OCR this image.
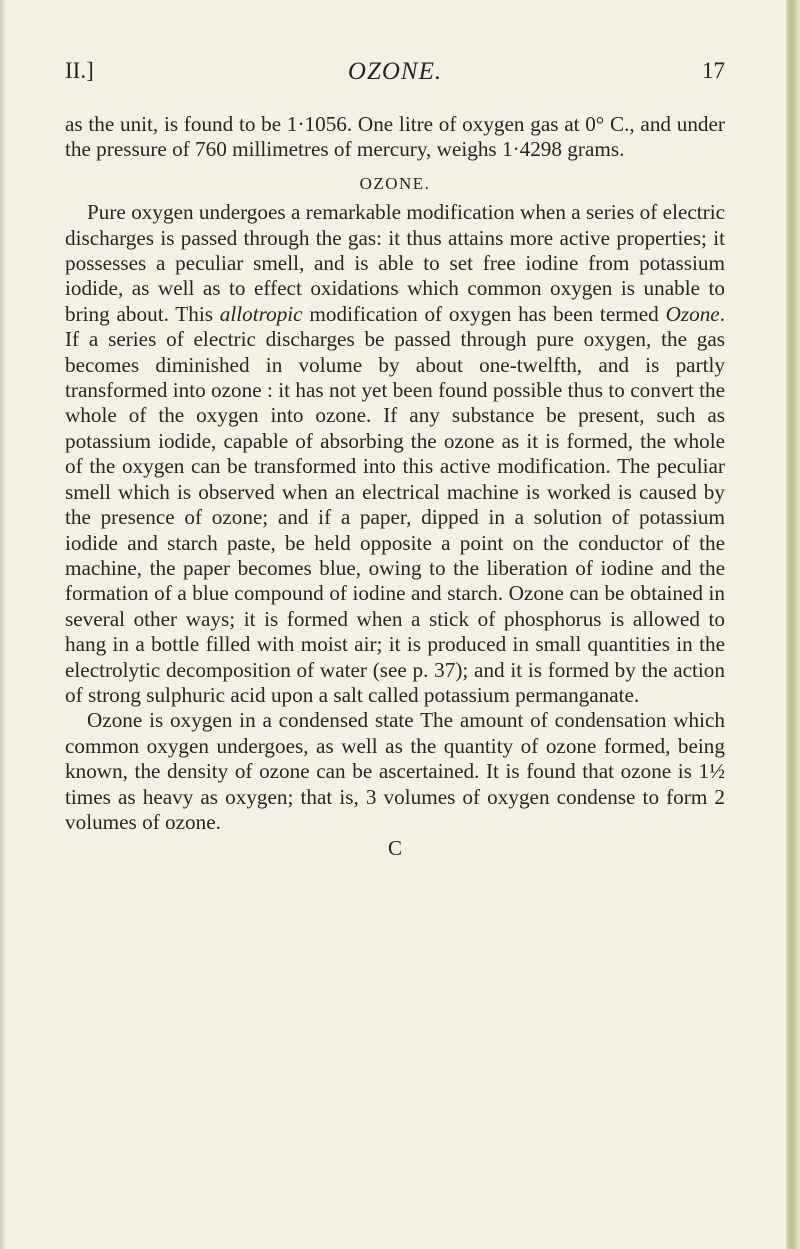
II.]	OZONE.	17

as the unit, is found to be 1·1056. One litre of oxygen gas at 0° C., and under the pressure of 760 millimetres of mercury, weighs 1·4298 grams.

OZONE.

Pure oxygen undergoes a remarkable modification when a series of electric discharges is passed through the gas: it thus attains more active properties; it possesses a peculiar smell, and is able to set free iodine from potassium iodide, as well as to effect oxidations which common oxygen is unable to bring about. This allotropic modification of oxygen has been termed Ozone. If a series of electric discharges be passed through pure oxygen, the gas becomes diminished in volume by about one-twelfth, and is partly transformed into ozone : it has not yet been found possible thus to convert the whole of the oxygen into ozone. If any substance be present, such as potassium iodide, capable of absorbing the ozone as it is formed, the whole of the oxygen can be transformed into this active modification. The peculiar smell which is observed when an electrical machine is worked is caused by the presence of ozone; and if a paper, dipped in a solution of potassium iodide and starch paste, be held opposite a point on the conductor of the machine, the paper becomes blue, owing to the liberation of iodine and the formation of a blue compound of iodine and starch. Ozone can be obtained in several other ways; it is formed when a stick of phosphorus is allowed to hang in a bottle filled with moist air; it is produced in small quantities in the electrolytic decomposition of water (see p. 37); and it is formed by the action of strong sulphuric acid upon a salt called potassium permanganate.

Ozone is oxygen in a condensed state The amount of condensation which common oxygen undergoes, as well as the quantity of ozone formed, being known, the density of ozone can be ascertained. It is found that ozone is 1½ times as heavy as oxygen; that is, 3 volumes of oxygen condense to form 2 volumes of ozone.

C
